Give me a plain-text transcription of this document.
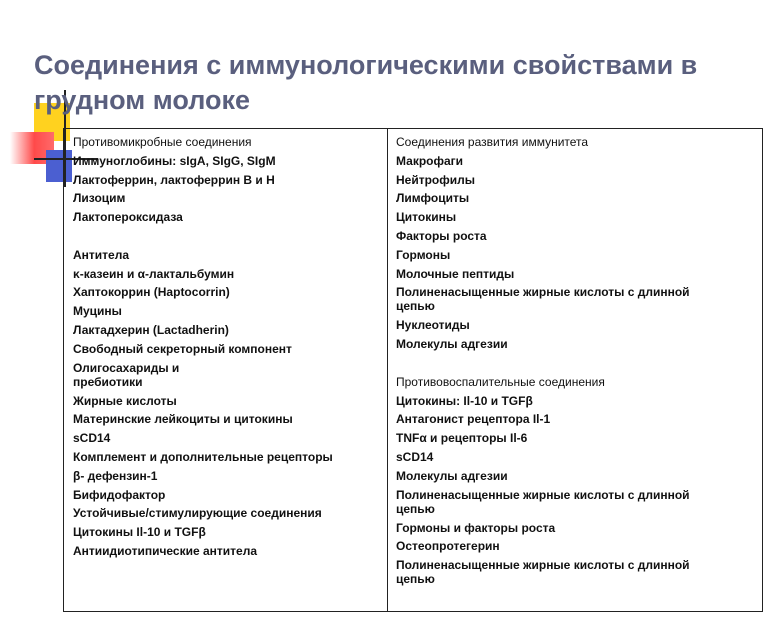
Соединения с иммунологическими свойствами в грудном молоке
Противомикробные соединения
Иммуноглобины: sIgA, SIgG, SIgM
Лактоферрин, лактоферрин В и Н
Лизоцим
Лактопероксидаза
Антитела
κ-казеин и α-лактальбумин
Хаптокоррин (Haptocorrin)
Муцины
Лактадхерин (Lactadherin)
Свободный секреторный компонент
Олигосахариды и пребиотики
Жирные кислоты
Материнские лейкоциты и цитокины
sCD14
Комплемент и дополнительные рецепторы
β- дефензин-1
Бифидофактор
Устойчивые/стимулирующие соединения
Цитокины Il-10 и TGFβ
Антиидиотипические антитела
Соединения развития иммунитета
Макрофаги
Нейтрофилы
Лимфоциты
Цитокины
Факторы роста
Гормоны
Молочные пептиды
Полиненасыщенные жирные кислоты с длинной цепью
Нуклеотиды
Молекулы адгезии
Противовоспалительные соединения
Цитокины: Il-10 и TGFβ
Антагонист рецептора Il-1
TNFα и рецепторы Il-6
sCD14
Молекулы адгезии
Полиненасыщенные жирные кислоты с длинной цепью
Гормоны и факторы роста
Остеопротегерин
Полиненасыщенные жирные кислоты с длинной цепью
